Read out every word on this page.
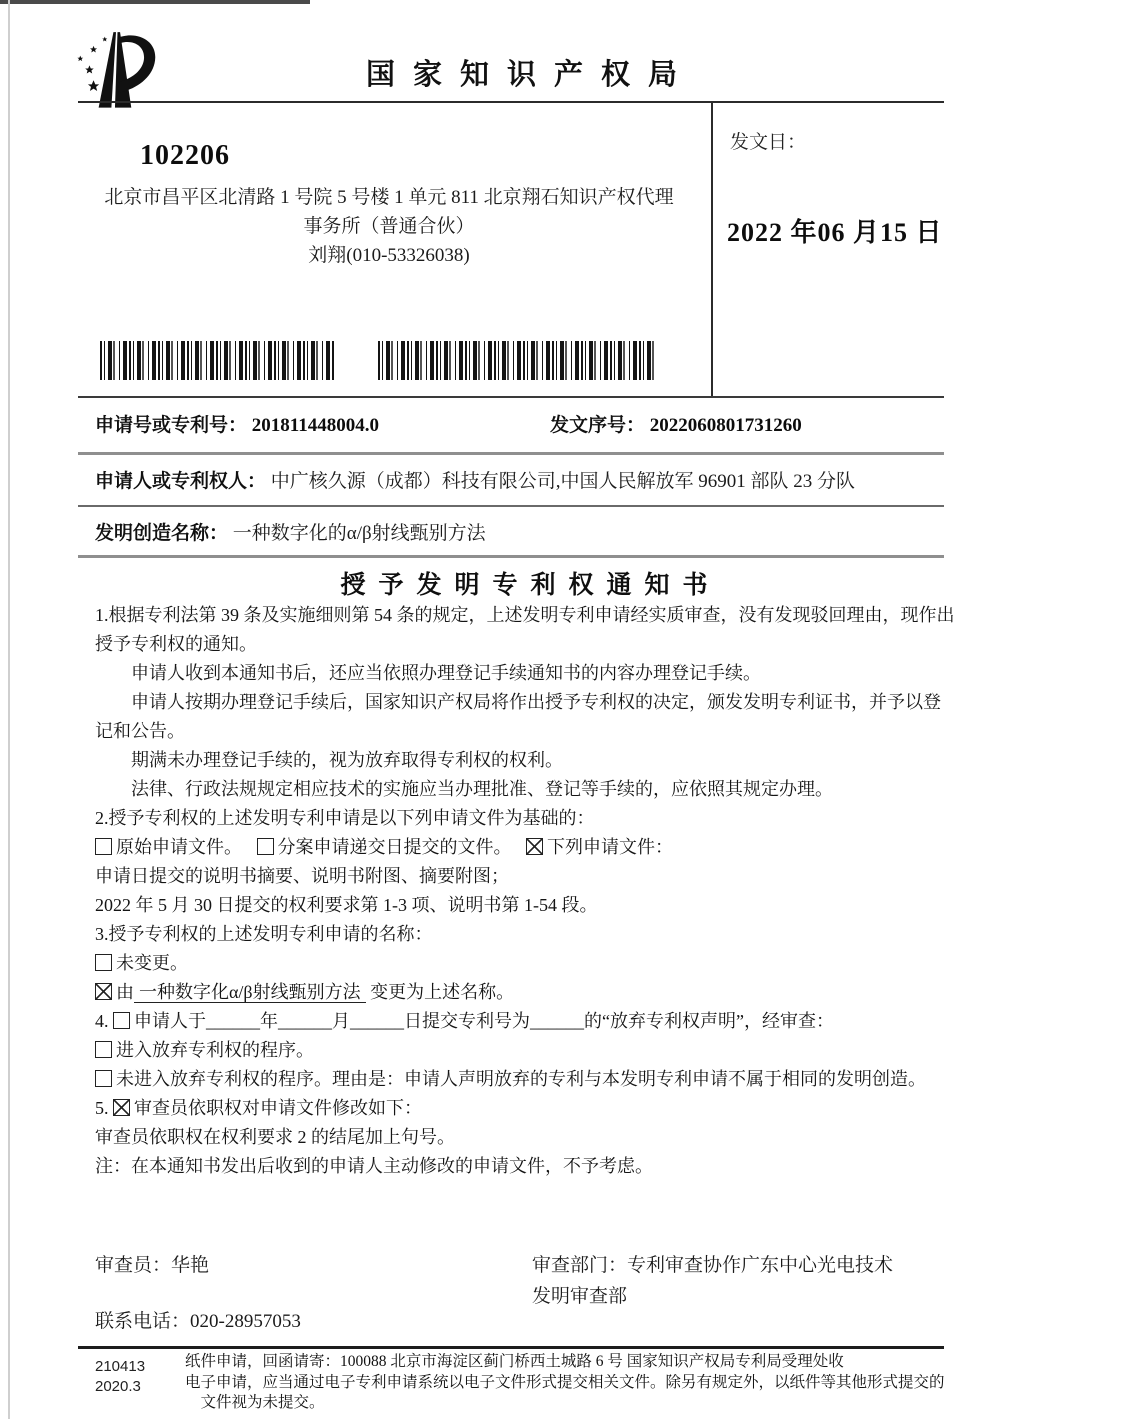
国家知识产权局
发文日：
2022 年06 月15 日
102206
北京市昌平区北清路 1 号院 5 号楼 1 单元 811 北京翔石知识产权代理
事务所（普通合伙）
刘翔(010-53326038)
申请号或专利号： 201811448004.0	发文序号： 2022060801731260
申请人或专利权人： 中广核久源（成都）科技有限公司,中国人民解放军 96901 部队 23 分队
发明创造名称： 一种数字化的α/β射线甄别方法
授予发明专利权通知书

1.根据专利法第 39 条及实施细则第 54 条的规定，上述发明专利申请经实质审查，没有发现驳回理由，现作出授予专利权的通知。

申请人收到本通知书后，还应当依照办理登记手续通知书的内容办理登记手续。

申请人按期办理登记手续后，国家知识产权局将作出授予专利权的决定，颁发发明专利证书，并予以登记和公告。

期满未办理登记手续的，视为放弃取得专利权的权利。

法律、行政法规规定相应技术的实施应当办理批准、登记等手续的，应依照其规定办理。

2.授予专利权的上述发明专利申请是以下列申请文件为基础的：

原始申请文件。 分案申请递交日提交的文件。 下列申请文件：

申请日提交的说明书摘要、说明书附图、摘要附图；

2022 年 5 月 30 日提交的权利要求第 1-3 项、说明书第 1-54 段。

3.授予专利权的上述发明专利申请的名称：

未变更。

由 一种数字化α/β射线甄别方法 变更为上述名称。

4. 申请人于______年______月______日提交专利号为______的“放弃专利权声明”，经审查：

进入放弃专利权的程序。

未进入放弃专利权的程序。理由是：申请人声明放弃的专利与本发明专利申请不属于相同的发明创造。

5. 审查员依职权对申请文件修改如下：

审查员依职权在权利要求 2 的结尾加上句号。

注：在本通知书发出后收到的申请人主动修改的申请文件，不予考虑。

审查员：华艳	审查部门：专利审查协作广东中心光电技术
发明审查部
联系电话：020-28957053
210413
2020.3
纸件申请，回函请寄：100088 北京市海淀区蓟门桥西土城路 6 号 国家知识产权局专利局受理处收
电子申请，应当通过电子专利申请系统以电子文件形式提交相关文件。除另有规定外，以纸件等其他形式提交的
文件视为未提交。
